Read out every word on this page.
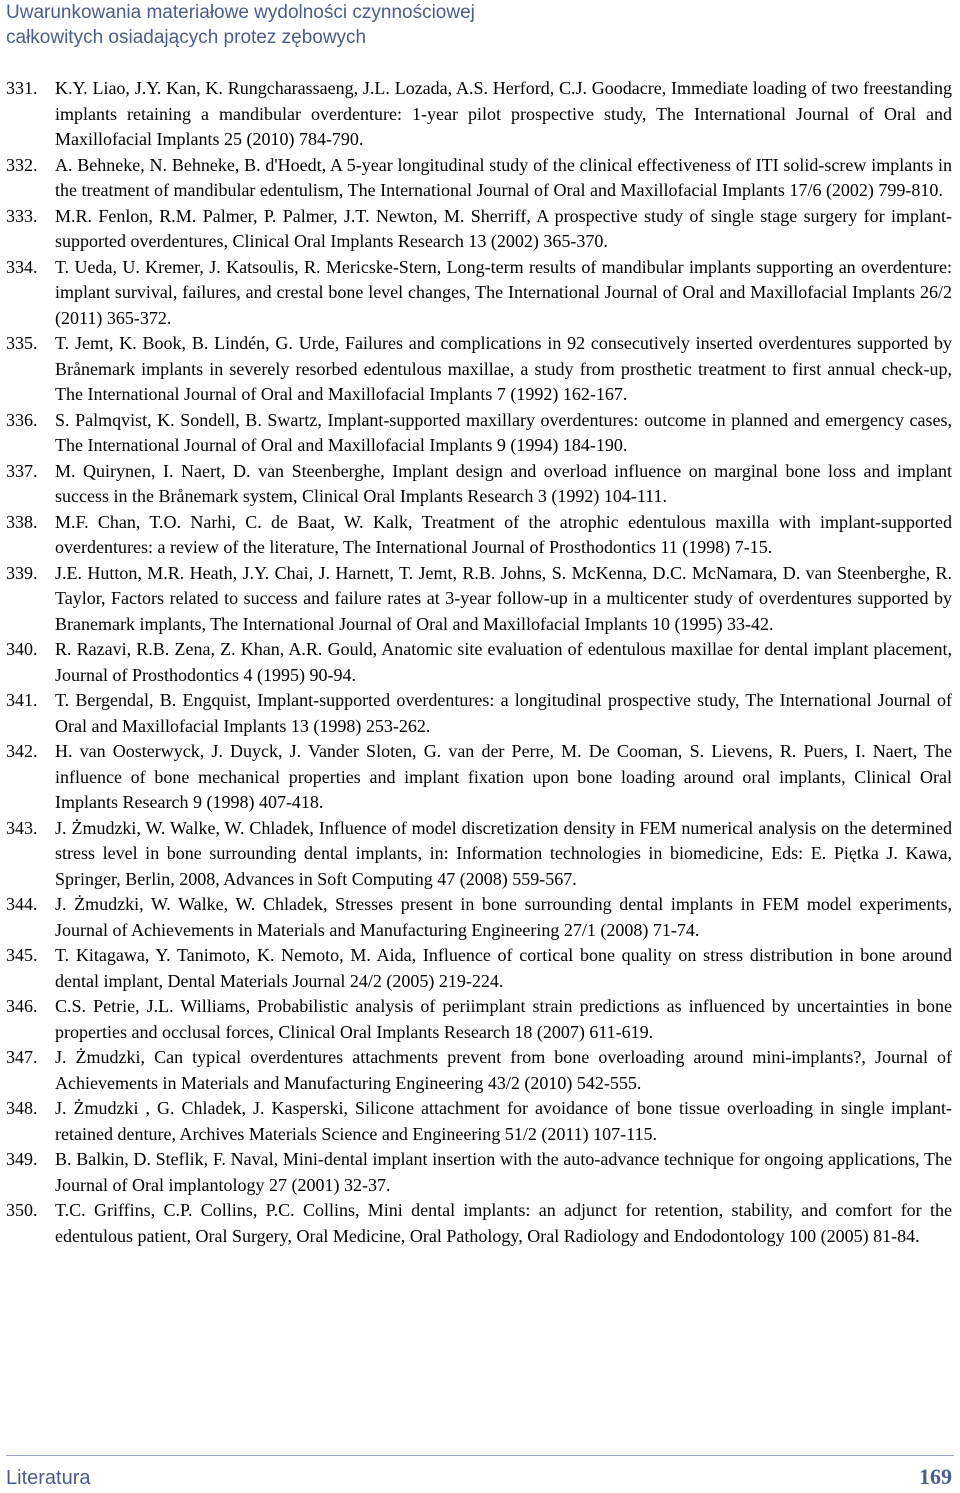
Uwarunkowania materiałowe wydolności czynnościowej
całkowitych osiadających protez zębowych
331. K.Y. Liao, J.Y. Kan, K. Rungcharassaeng, J.L. Lozada, A.S. Herford, C.J. Goodacre, Immediate loading of two freestanding implants retaining a mandibular overdenture: 1-year pilot prospective study, The International Journal of Oral and Maxillofacial Implants 25 (2010) 784-790.
332. A. Behneke, N. Behneke, B. d'Hoedt, A 5-year longitudinal study of the clinical effectiveness of ITI solid-screw implants in the treatment of mandibular edentulism, The International Journal of Oral and Maxillofacial Implants 17/6 (2002) 799-810.
333. M.R. Fenlon, R.M. Palmer, P. Palmer, J.T. Newton, M. Sherriff, A prospective study of single stage surgery for implant-supported overdentures, Clinical Oral Implants Research 13 (2002) 365-370.
334. T. Ueda, U. Kremer, J. Katsoulis, R. Mericske-Stern, Long-term results of mandibular implants supporting an overdenture: implant survival, failures, and crestal bone level changes, The International Journal of Oral and Maxillofacial Implants 26/2 (2011) 365-372.
335. T. Jemt, K. Book, B. Lindén, G. Urde, Failures and complications in 92 consecutively inserted overdentures supported by Brånemark implants in severely resorbed edentulous maxillae, a study from prosthetic treatment to first annual check-up, The International Journal of Oral and Maxillofacial Implants 7 (1992) 162-167.
336. S. Palmqvist, K. Sondell, B. Swartz, Implant-supported maxillary overdentures: outcome in planned and emergency cases, The International Journal of Oral and Maxillofacial Implants 9 (1994) 184-190.
337. M. Quirynen, I. Naert, D. van Steenberghe, Implant design and overload influence on marginal bone loss and implant success in the Brånemark system, Clinical Oral Implants Research 3 (1992) 104-111.
338. M.F. Chan, T.O. Narhi, C. de Baat, W. Kalk, Treatment of the atrophic edentulous maxilla with implant-supported overdentures: a review of the literature, The International Journal of Prosthodontics 11 (1998) 7-15.
339. J.E. Hutton, M.R. Heath, J.Y. Chai, J. Harnett, T. Jemt, R.B. Johns, S. McKenna, D.C. McNamara, D. van Steenberghe, R. Taylor, Factors related to success and failure rates at 3-year follow-up in a multicenter study of overdentures supported by Branemark implants, The International Journal of Oral and Maxillofacial Implants 10 (1995) 33-42.
340. R. Razavi, R.B. Zena, Z. Khan, A.R. Gould, Anatomic site evaluation of edentulous maxillae for dental implant placement, Journal of Prosthodontics 4 (1995) 90-94.
341. T. Bergendal, B. Engquist, Implant-supported overdentures: a longitudinal prospective study, The International Journal of Oral and Maxillofacial Implants 13 (1998) 253-262.
342. H. van Oosterwyck, J. Duyck, J. Vander Sloten, G. van der Perre, M. De Cooman, S. Lievens, R. Puers, I. Naert, The influence of bone mechanical properties and implant fixation upon bone loading around oral implants, Clinical Oral Implants Research 9 (1998) 407-418.
343. J. Żmudzki, W. Walke, W. Chladek, Influence of model discretization density in FEM numerical analysis on the determined stress level in bone surrounding dental implants, in: Information technologies in biomedicine, Eds: E. Piętka J. Kawa, Springer, Berlin, 2008, Advances in Soft Computing 47 (2008) 559-567.
344. J. Żmudzki, W. Walke, W. Chladek, Stresses present in bone surrounding dental implants in FEM model experiments, Journal of Achievements in Materials and Manufacturing Engineering 27/1 (2008) 71-74.
345. T. Kitagawa, Y. Tanimoto, K. Nemoto, M. Aida, Influence of cortical bone quality on stress distribution in bone around dental implant, Dental Materials Journal 24/2 (2005) 219-224.
346. C.S. Petrie, J.L. Williams, Probabilistic analysis of periimplant strain predictions as influenced by uncertainties in bone properties and occlusal forces, Clinical Oral Implants Research 18 (2007) 611-619.
347. J. Żmudzki, Can typical overdentures attachments prevent from bone overloading around mini-implants?, Journal of Achievements in Materials and Manufacturing Engineering 43/2 (2010) 542-555.
348. J. Żmudzki , G. Chladek, J. Kasperski, Silicone attachment for avoidance of bone tissue overloading in single implant-retained denture, Archives Materials Science and Engineering 51/2 (2011) 107-115.
349. B. Balkin, D. Steflik, F. Naval, Mini-dental implant insertion with the auto-advance technique for ongoing applications, The Journal of Oral implantology 27 (2001) 32-37.
350. T.C. Griffins, C.P. Collins, P.C. Collins, Mini dental implants: an adjunct for retention, stability, and comfort for the edentulous patient, Oral Surgery, Oral Medicine, Oral Pathology, Oral Radiology and Endodontology 100 (2005) 81-84.
Literatura	169
